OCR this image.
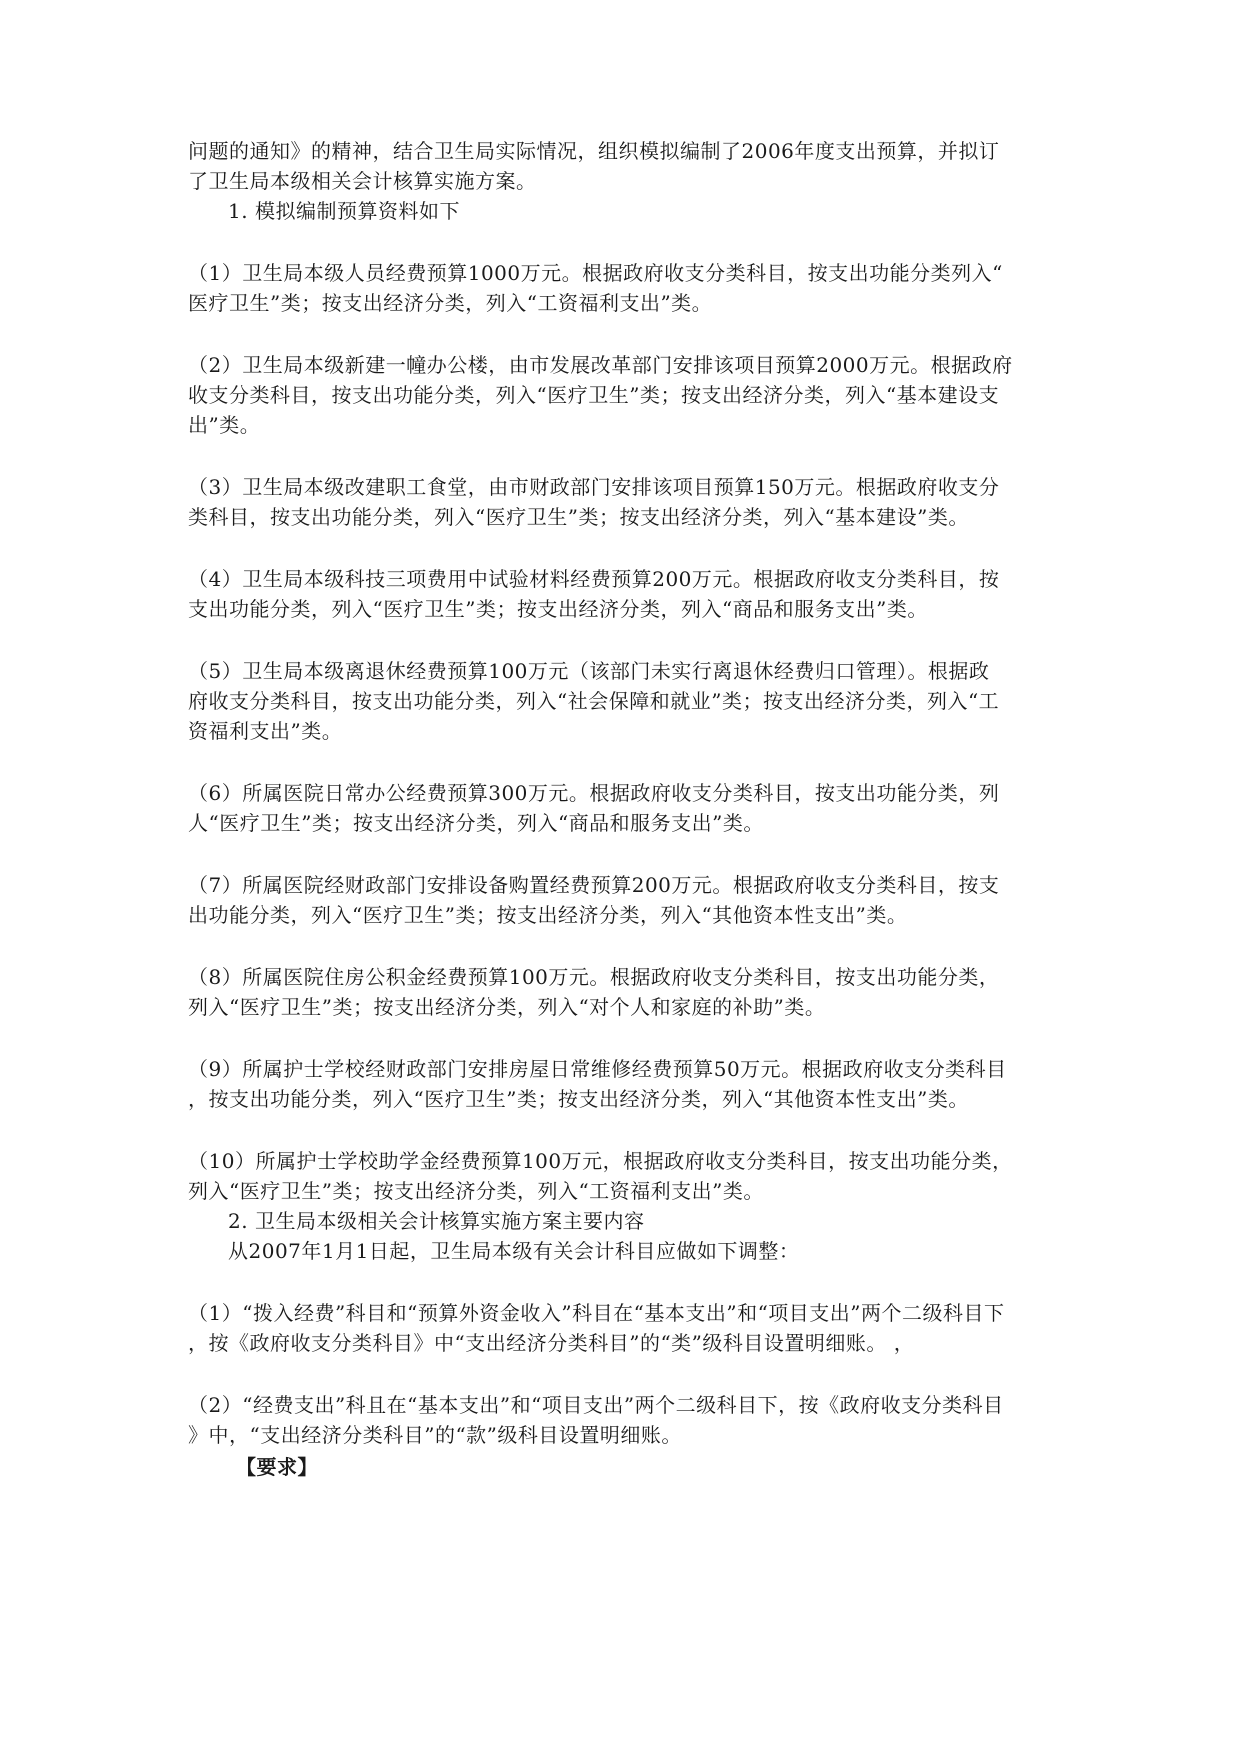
问题的通知》的精神，结合卫生局实际情况，组织模拟编制了2006年度支出预算，并拟订
了卫生局本级相关会计核算实施方案。
1. 模拟编制预算资料如下
（1）卫生局本级人员经费预算1000万元。根据政府收支分类科目，按支出功能分类列入“
医疗卫生”类；按支出经济分类，列入“工资福利支出”类。
（2）卫生局本级新建一幢办公楼，由市发展改革部门安排该项目预算2000万元。根据政府
收支分类科目，按支出功能分类，列入“医疗卫生”类；按支出经济分类，列入“基本建设支
出”类。
（3）卫生局本级改建职工食堂，由市财政部门安排该项目预算150万元。根据政府收支分
类科目，按支出功能分类，列入“医疗卫生”类；按支出经济分类，列入“基本建设”类。
（4）卫生局本级科技三项费用中试验材料经费预算200万元。根据政府收支分类科目，按
支出功能分类，列入“医疗卫生”类；按支出经济分类，列入“商品和服务支出”类。
（5）卫生局本级离退休经费预算100万元（该部门未实行离退休经费归口管理）。根据政
府收支分类科目，按支出功能分类，列入“社会保障和就业”类；按支出经济分类，列入“工
资福利支出”类。
（6）所属医院日常办公经费预算300万元。根据政府收支分类科目，按支出功能分类，列
人“医疗卫生”类；按支出经济分类，列入“商品和服务支出”类。
（7）所属医院经财政部门安排设备购置经费预算200万元。根据政府收支分类科目，按支
出功能分类，列入“医疗卫生”类；按支出经济分类，列入“其他资本性支出”类。
（8）所属医院住房公积金经费预算100万元。根据政府收支分类科目，按支出功能分类，
列入“医疗卫生”类；按支出经济分类，列入“对个人和家庭的补助”类。
（9）所属护士学校经财政部门安排房屋日常维修经费预算50万元。根据政府收支分类科目
，按支出功能分类，列入“医疗卫生”类；按支出经济分类，列入“其他资本性支出”类。
（10）所属护士学校助学金经费预算100万元，根据政府收支分类科目，按支出功能分类，
列入“医疗卫生”类；按支出经济分类，列入“工资福利支出”类。
2. 卫生局本级相关会计核算实施方案主要内容
从2007年1月1日起，卫生局本级有关会计科目应做如下调整：
（1）“拨入经费”科目和“预算外资金收入”科目在“基本支出”和“项目支出”两个二级科目下
，按《政府收支分类科目》中“支出经济分类科目”的“类”级科目设置明细账。 ，
（2）“经费支出”科且在“基本支出”和“项目支出”两个二级科目下，按《政府收支分类科目
》中，“支出经济分类科目”的“款”级科目设置明细账。
【要求】
